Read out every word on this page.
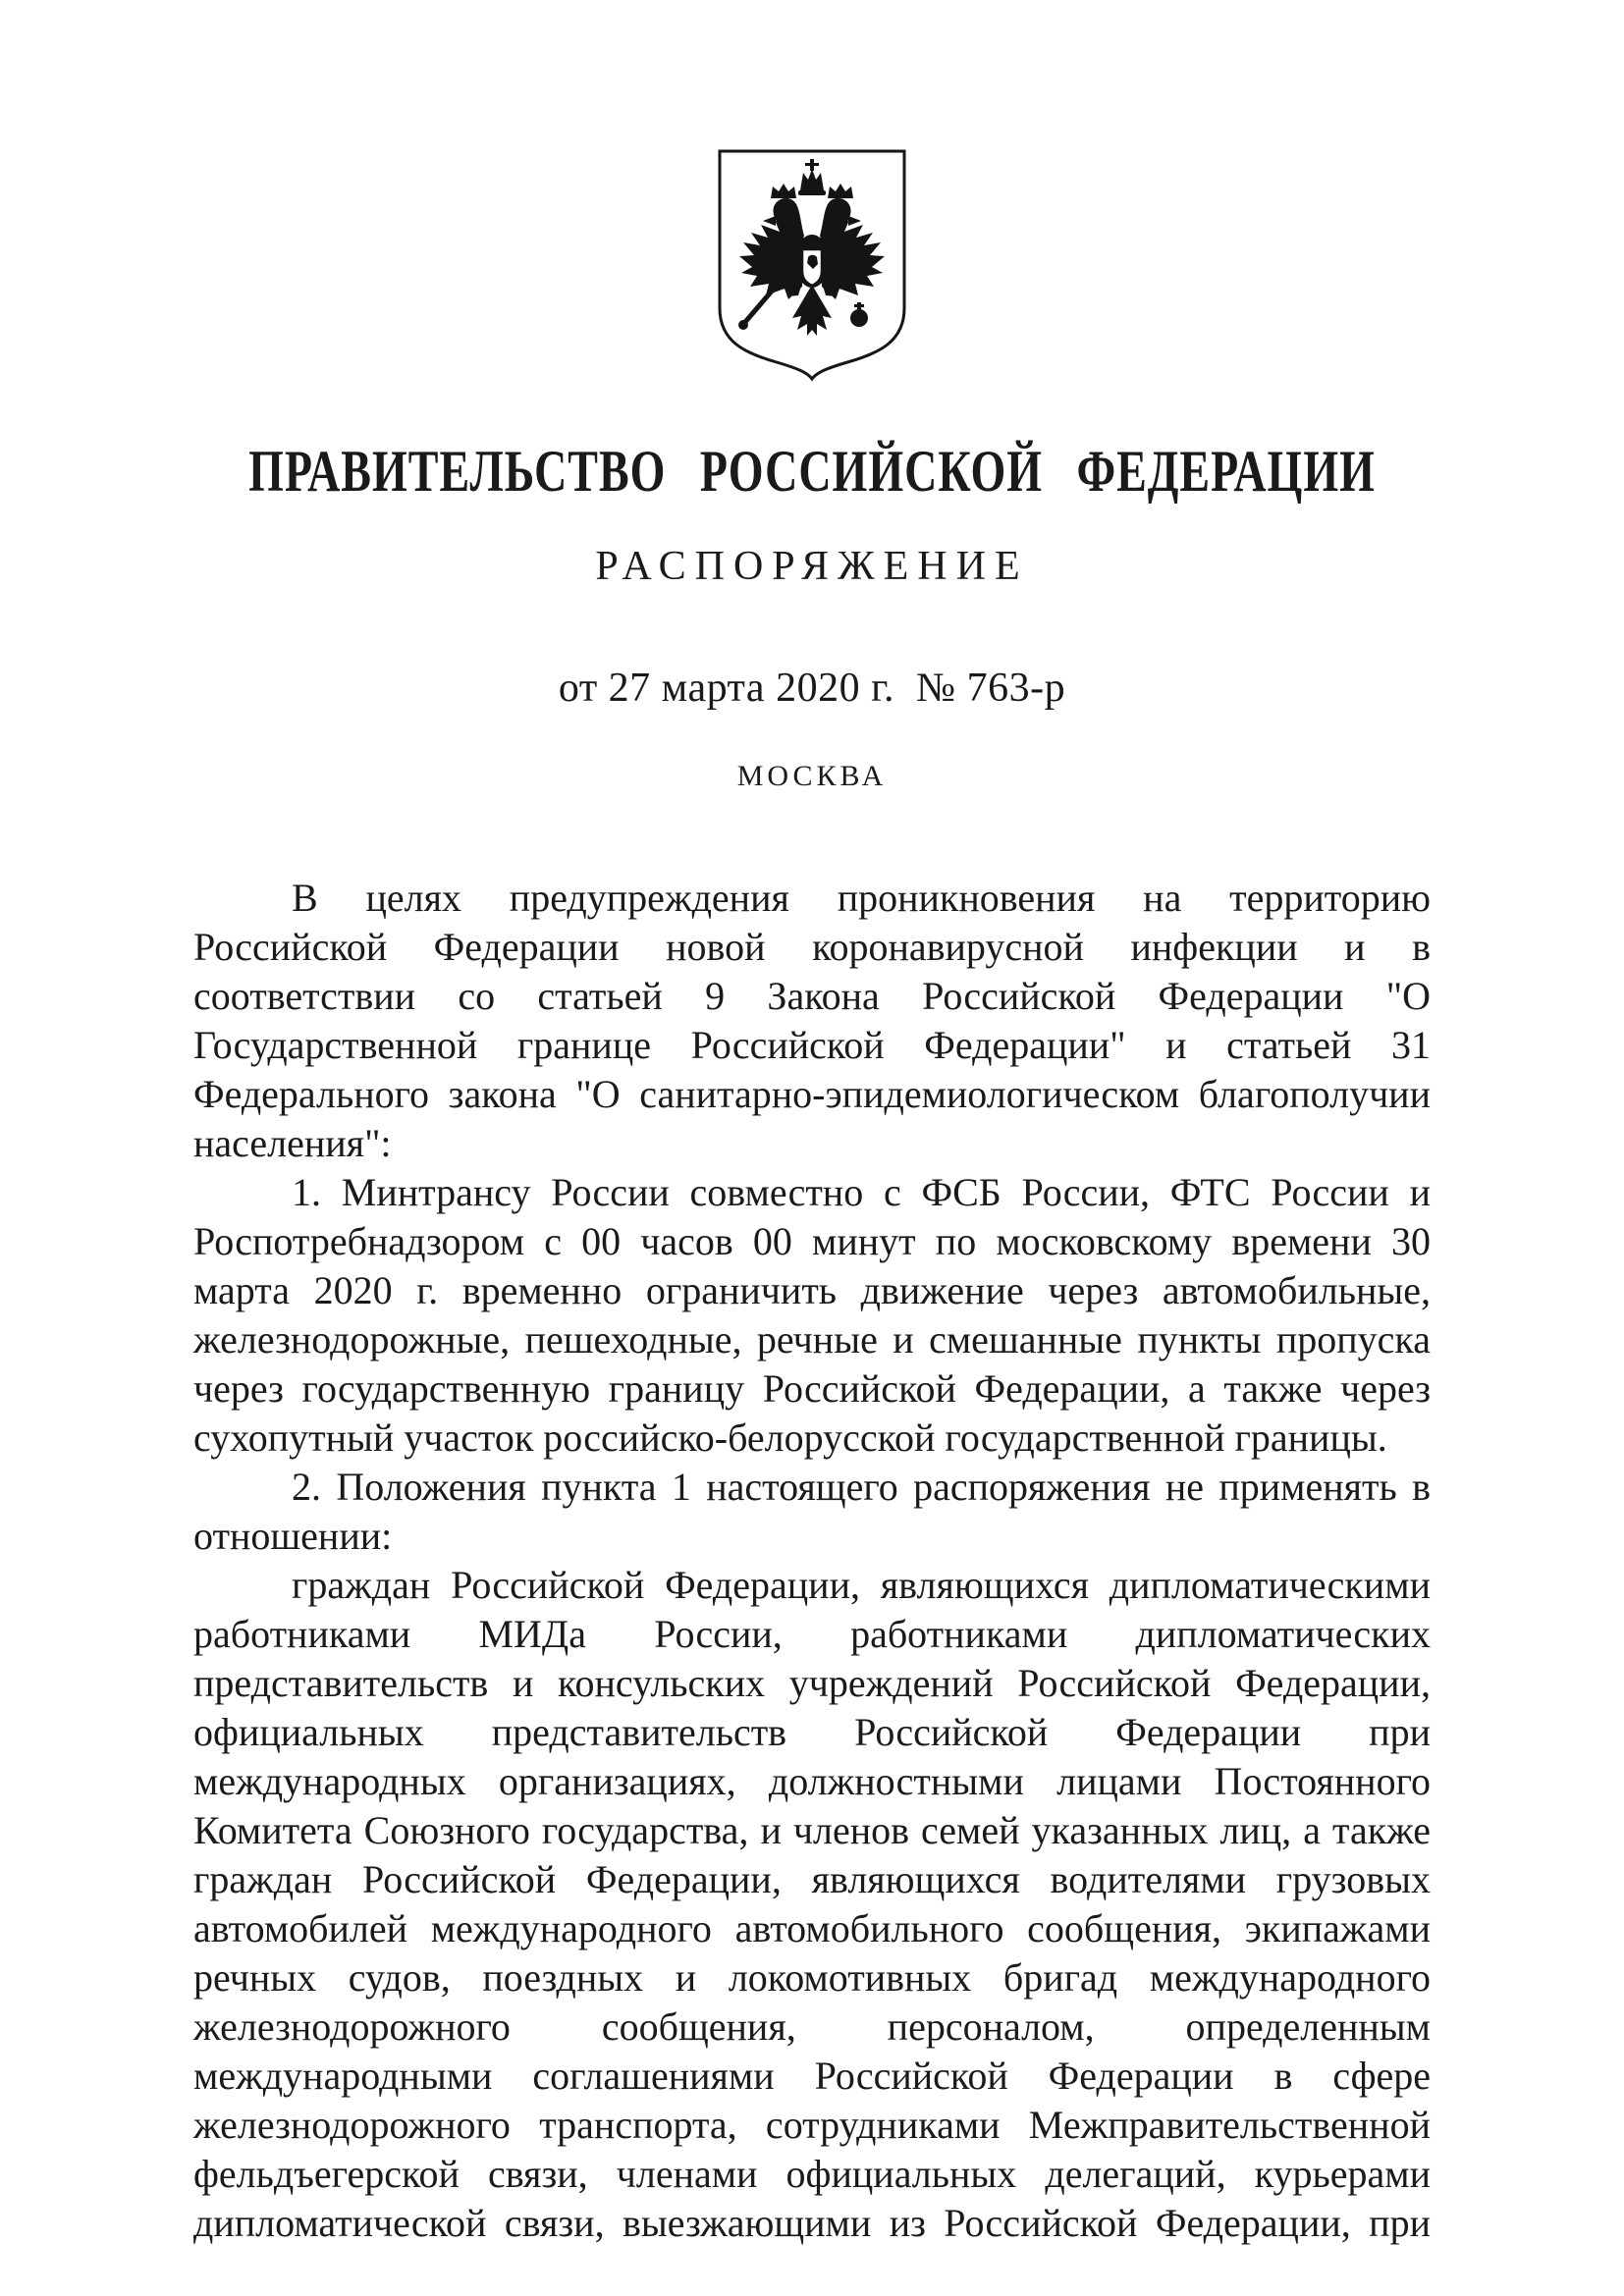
ПРАВИТЕЛЬСТВО РОССИЙСКОЙ ФЕДЕРАЦИИ
РАСПОРЯЖЕНИЕ
от 27 марта 2020 г.  № 763-р
МОСКВА

В целях предупреждения проникновения на территорию Российской Федерации новой коронавирусной инфекции и в соответствии со статьей 9 Закона Российской Федерации "О Государственной границе Российской Федерации" и статьей 31 Федерального закона "О санитарно-эпидемиологическом благополучии населения":

1. Минтрансу России совместно с ФСБ России, ФТС России и Роспотребнадзором с 00 часов 00 минут по московскому времени 30 марта 2020 г. временно ограничить движение через автомобильные, железнодорожные, пешеходные, речные и смешанные пункты пропуска через государственную границу Российской Федерации, а также через сухопутный участок российско-белорусской государственной границы.

2. Положения пункта 1 настоящего распоряжения не применять в отношении:

граждан Российской Федерации, являющихся дипломатическими работниками МИДа России, работниками дипломатических представительств и консульских учреждений Российской Федерации, официальных представительств Российской Федерации при международных организациях, должностными лицами Постоянного Комитета Союзного государства, и членов семей указанных лиц, а также граждан Российской Федерации, являющихся водителями грузовых автомобилей международного автомобильного сообщения, экипажами речных судов, поездных и локомотивных бригад международного железнодорожного сообщения, персоналом, определенным международными соглашениями Российской Федерации в сфере железнодорожного транспорта, сотрудниками Межправительственной фельдъегерской связи, членами официальных делегаций, курьерами дипломатической связи, выезжающими из Российской Федерации, при
